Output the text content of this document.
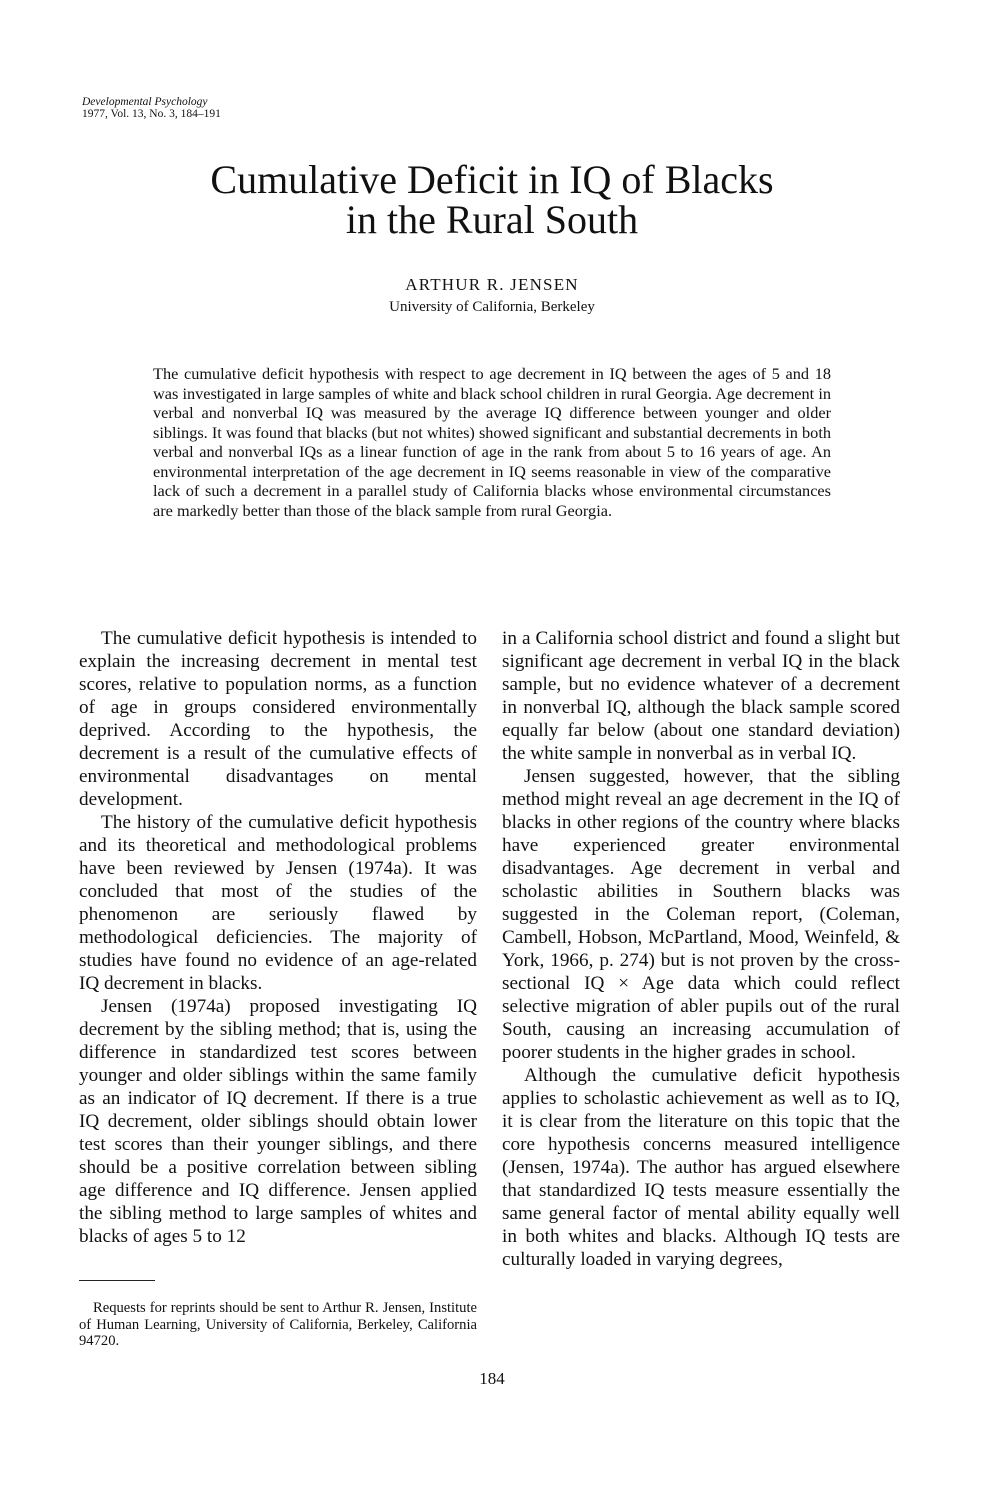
Developmental Psychology
1977, Vol. 13, No. 3, 184–191
Cumulative Deficit in IQ of Blacks
in the Rural South
ARTHUR R. JENSEN
University of California, Berkeley

The cumulative deficit hypothesis with respect to age decrement in IQ between the ages of 5 and 18 was investigated in large samples of white and black school children in rural Georgia. Age decrement in verbal and nonverbal IQ was measured by the average IQ difference between younger and older siblings. It was found that blacks (but not whites) showed significant and substantial decrements in both verbal and nonverbal IQs as a linear function of age in the rank from about 5 to 16 years of age. An environmental interpretation of the age decrement in IQ seems reasonable in view of the comparative lack of such a decrement in a parallel study of California blacks whose environmental circumstances are markedly better than those of the black sample from rural Georgia.

The cumulative deficit hypothesis is intended to explain the increasing decrement in mental test scores, relative to population norms, as a function of age in groups considered environmentally deprived. According to the hypothesis, the decrement is a result of the cumulative effects of environmental disadvantages on mental development.

The history of the cumulative deficit hypothesis and its theoretical and methodological problems have been reviewed by Jensen (1974a). It was concluded that most of the studies of the phenomenon are seriously flawed by methodological deficiencies. The majority of studies have found no evidence of an age-related IQ decrement in blacks.

Jensen (1974a) proposed investigating IQ decrement by the sibling method; that is, using the difference in standardized test scores between younger and older siblings within the same family as an indicator of IQ decrement. If there is a true IQ decrement, older siblings should obtain lower test scores than their younger siblings, and there should be a positive correlation between sibling age difference and IQ difference. Jensen applied the sibling method to large samples of whites and blacks of ages 5 to 12

in a California school district and found a slight but significant age decrement in verbal IQ in the black sample, but no evidence whatever of a decrement in nonverbal IQ, although the black sample scored equally far below (about one standard deviation) the white sample in nonverbal as in verbal IQ.

Jensen suggested, however, that the sibling method might reveal an age decrement in the IQ of blacks in other regions of the country where blacks have experienced greater environmental disadvantages. Age decrement in verbal and scholastic abilities in Southern blacks was suggested in the Coleman report, (Coleman, Cambell, Hobson, McPartland, Mood, Weinfeld, & York, 1966, p. 274) but is not proven by the cross-sectional IQ × Age data which could reflect selective migration of abler pupils out of the rural South, causing an increasing accumulation of poorer students in the higher grades in school.

Although the cumulative deficit hypothesis applies to scholastic achievement as well as to IQ, it is clear from the literature on this topic that the core hypothesis concerns measured intelligence (Jensen, 1974a). The author has argued elsewhere that standardized IQ tests measure essentially the same general factor of mental ability equally well in both whites and blacks. Although IQ tests are culturally loaded in varying degrees,

Requests for reprints should be sent to Arthur R. Jensen, Institute of Human Learning, University of California, Berkeley, California 94720.

184
